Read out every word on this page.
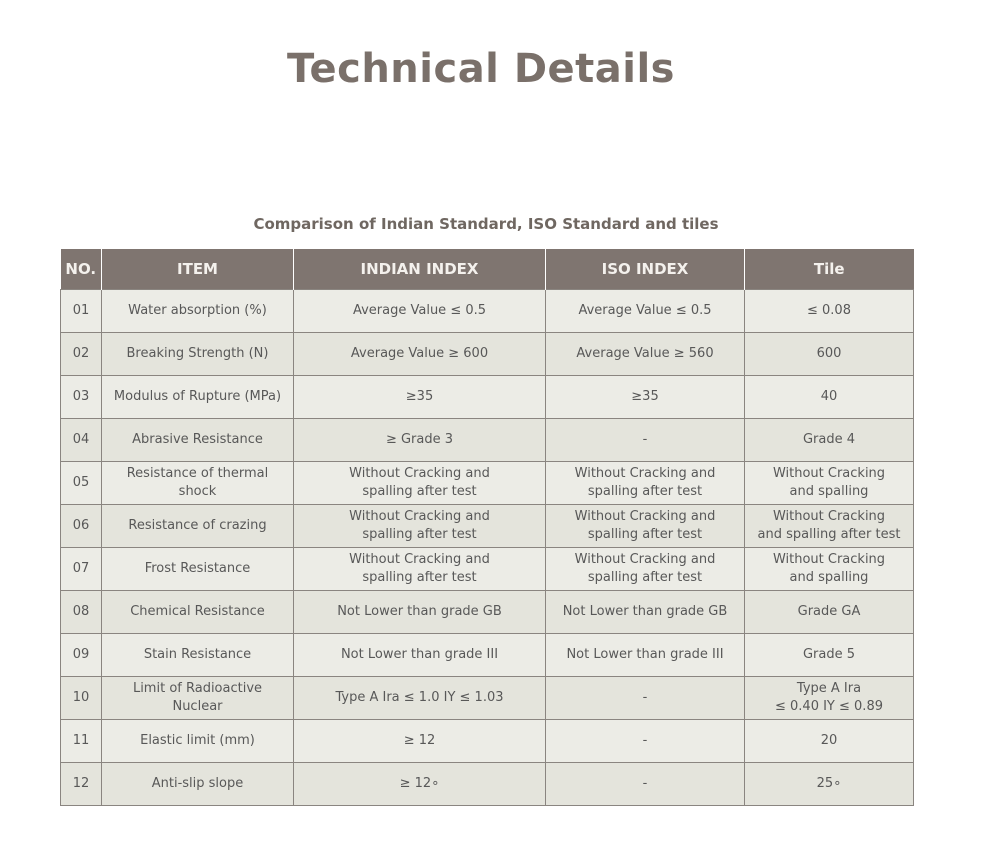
Technical Details
Comparison of Indian Standard, ISO Standard and tiles
NO.	ITEM	INDIAN INDEX	ISO INDEX	Tile
01	Water absorption (%)	Average Value ≤ 0.5	Average Value ≤ 0.5	≤ 0.08
02	Breaking Strength (N)	Average Value ≥ 600	Average Value ≥ 560	600
03	Modulus of Rupture (MPa)	≥35	≥35	40
04	Abrasive Resistance	≥ Grade 3	-	Grade 4
05	Resistance of thermal shock	Without Cracking and
spalling after test	Without Cracking and
spalling after test	Without Cracking
and spalling
06	Resistance of crazing	Without Cracking and
spalling after test	Without Cracking and
spalling after test	Without Cracking
and spalling after test
07	Frost Resistance	Without Cracking and
spalling after test	Without Cracking and
spalling after test	Without Cracking
and spalling
08	Chemical Resistance	Not Lower than grade GB	Not Lower than grade GB	Grade GA
09	Stain Resistance	Not Lower than grade III	Not Lower than grade III	Grade 5
10	Limit of Radioactive Nuclear	Type A Ira ≤ 1.0 IY ≤ 1.03	-	Type A Ira
≤ 0.40 IY ≤ 0.89
11	Elastic limit (mm)	≥ 12	-	20
12	Anti-slip slope	≥ 12∘	-	25∘
